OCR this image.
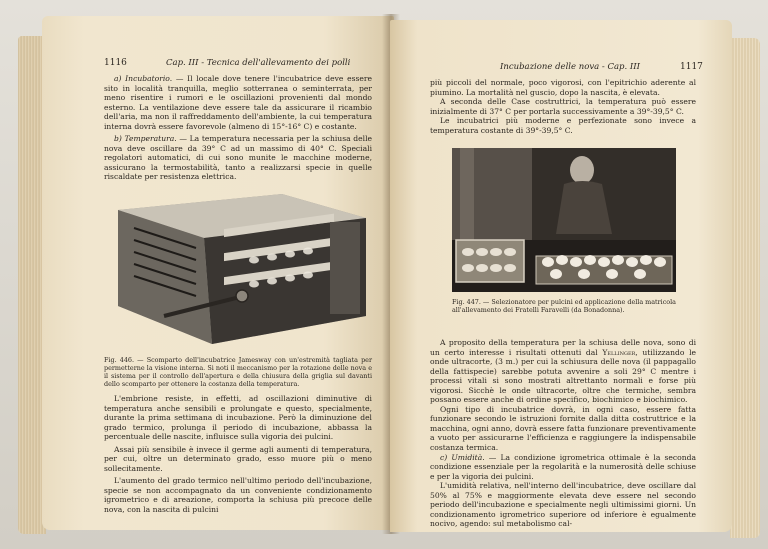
1116	Cap. III - Tecnica dell'allevamento dei polli

a) Incubatorio. — Il locale dove tenere l'incubatrice deve essere sito in località tranquilla, meglio sotterranea o seminterrata, per meno risentire i rumori e le oscillazioni provenienti dal mondo esterno. La ventilazione deve essere tale da assicurare il ricambio dell'aria, ma non il raffreddamento dell'ambiente, la cui temperatura interna dovrà essere favorevole (almeno di 15°-16° C) e costante.

b) Temperatura. — La temperatura necessaria per la schiusa delle nova deve oscillare da 39° C ad un massimo di 40° C. Speciali regolatori automatici, di cui sono munite le macchine moderne, assicurano la termostabilità, tanto a realizzarsi specie in quelle riscaldate per resistenza elettrica.

Fig. 446. — Scomparto dell'incubatrice Jamesway con un'estremità tagliata per permetterne la visione interna. Si noti il meccanismo per la rotazione delle nova e il sistema per il controllo dell'apertura e della chiusura della griglia sul davanti dello scomparto per ottenere la costanza della temperatura.

L'embrione resiste, in effetti, ad oscillazioni diminutive di temperatura anche sensibili e prolungate e questo, specialmente, durante la prima settimana di incubazione. Però la diminuzione del grado termico, prolunga il periodo di incubazione, abbassa la percentuale delle nascite, influisce sulla vigoria dei pulcini.

Assai più sensibile è invece il germe agli aumenti di temperatura, per cui, oltre un determinato grado, esso muore più o meno sollecitamente.

L'aumento del grado termico nell'ultimo periodo dell'incubazione, specie se non accompagnato da un conveniente condizionamento igrometrico e di areazione, comporta la schiusa più precoce delle nova, con la nascita di pulcini

Incubazione delle nova - Cap. III	1117

più piccoli del normale, poco vigorosi, con l'epitrichio aderente al piumino. La mortalità nel guscio, dopo la nascita, è elevata.

A seconda delle Case costruttrici, la temperatura può essere inizialmente di 37° C per portarla successivamente a 39°-39,5° C.

Le incubatrici più moderne e perfezionate sono invece a temperatura costante di 39°-39,5° C.

Fig. 447. — Selezionatore per pulcini ed applicazione della matricola all'allevamento dei Fratelli Faravelli (da Bonadonna).

A proposito della temperatura per la schiusa delle nova, sono di un certo interesse i risultati ottenuti dal Yellinger, utilizzando le onde ultracorte, (3 m.) per cui la schiusura delle nova (il pappagallo della fattispecie) sarebbe potuta avvenire a soli 29° C mentre i processi vitali si sono mostrati altrettanto normali e forse più vigorosi. Sicchè le onde ultracorte, oltre che termiche, sembra possano essere anche di ordine specifico, biochimico e biochimico.

Ogni tipo di incubatrice dovrà, in ogni caso, essere fatta funzionare secondo le istruzioni fornite dalla ditta costruttrice e la macchina, ogni anno, dovrà essere fatta funzionare preventivamente a vuoto per assicurarne l'efficienza e raggiungere la indispensabile costanza termica.

c) Umidità. — La condizione igrometrica ottimale è la seconda condizione essenziale per la regolarità e la numerosità delle schiuse e per la vigoria dei pulcini.

L'umidità relativa, nell'interno dell'incubatrice, deve oscillare dal 50% al 75% e maggiormente elevata deve essere nel secondo periodo dell'incubazione e specialmente negli ultimissimi giorni. Un condizionamento igrometrico superiore od inferiore è egualmente nocivo, agendo: sul metabolismo cal-
